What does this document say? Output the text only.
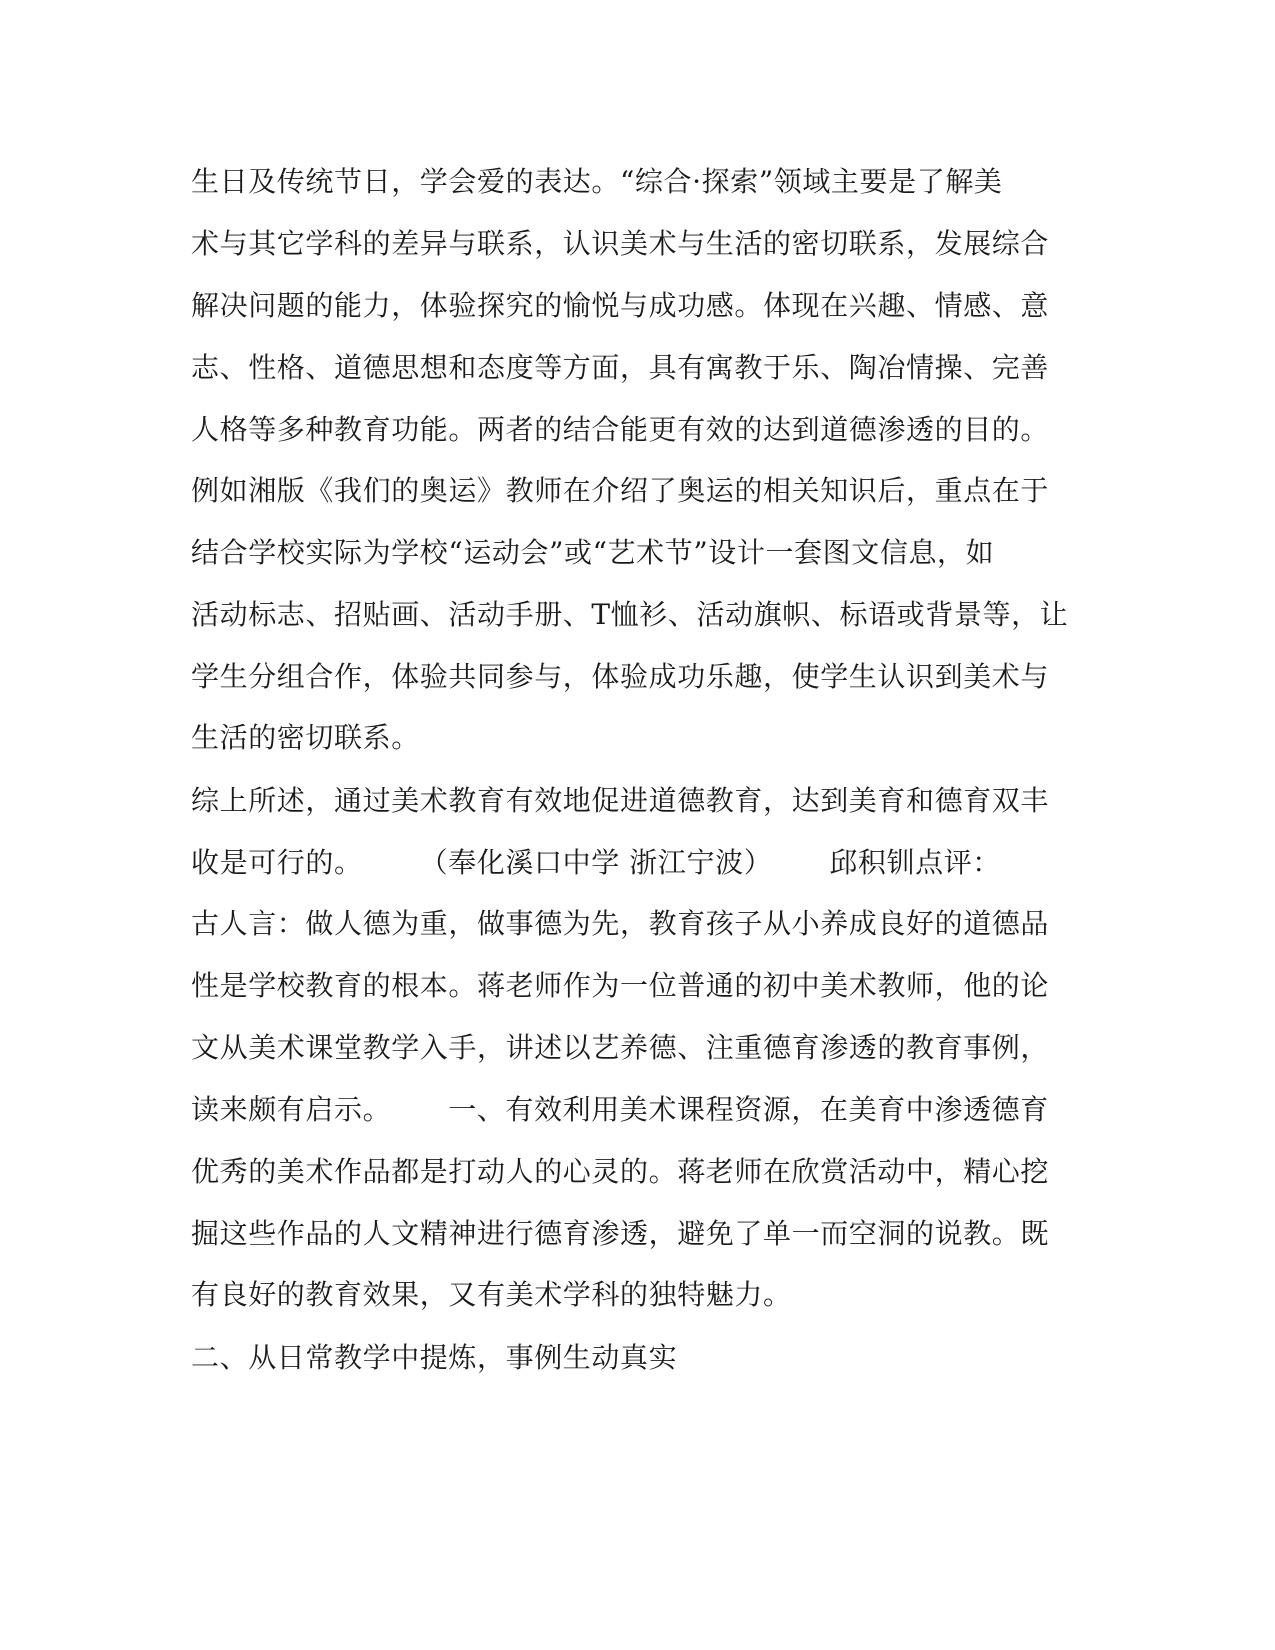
生日及传统节日，学会爱的表达。“综合·探索”领域主要是了解美
术与其它学科的差异与联系，认识美术与生活的密切联系，发展综合
解决问题的能力，体验探究的愉悦与成功感。体现在兴趣、情感、意
志、性格、道德思想和态度等方面，具有寓教于乐、陶冶情操、完善
人格等多种教育功能。两者的结合能更有效的达到道德渗透的目的。
例如湘版《我们的奥运》教师在介绍了奥运的相关知识后，重点在于
结合学校实际为学校“运动会”或“艺术节”设计一套图文信息，如
活动标志、招贴画、活动手册、T恤衫、活动旗帜、标语或背景等，让
学生分组合作，体验共同参与，体验成功乐趣，使学生认识到美术与
生活的密切联系。
综上所述，通过美术教育有效地促进道德教育，达到美育和德育双丰
收是可行的。      （奉化溪口中学 浙江宁波）      邱积钏点评：
古人言：做人德为重，做事德为先，教育孩子从小养成良好的道德品
性是学校教育的根本。蒋老师作为一位普通的初中美术教师，他的论
文从美术课堂教学入手，讲述以艺养德、注重德育渗透的教育事例，
读来颇有启示。      一、有效利用美术课程资源，在美育中渗透德育
优秀的美术作品都是打动人的心灵的。蒋老师在欣赏活动中，精心挖
掘这些作品的人文精神进行德育渗透，避免了单一而空洞的说教。既
有良好的教育效果，又有美术学科的独特魅力。
二、从日常教学中提炼，事例生动真实
